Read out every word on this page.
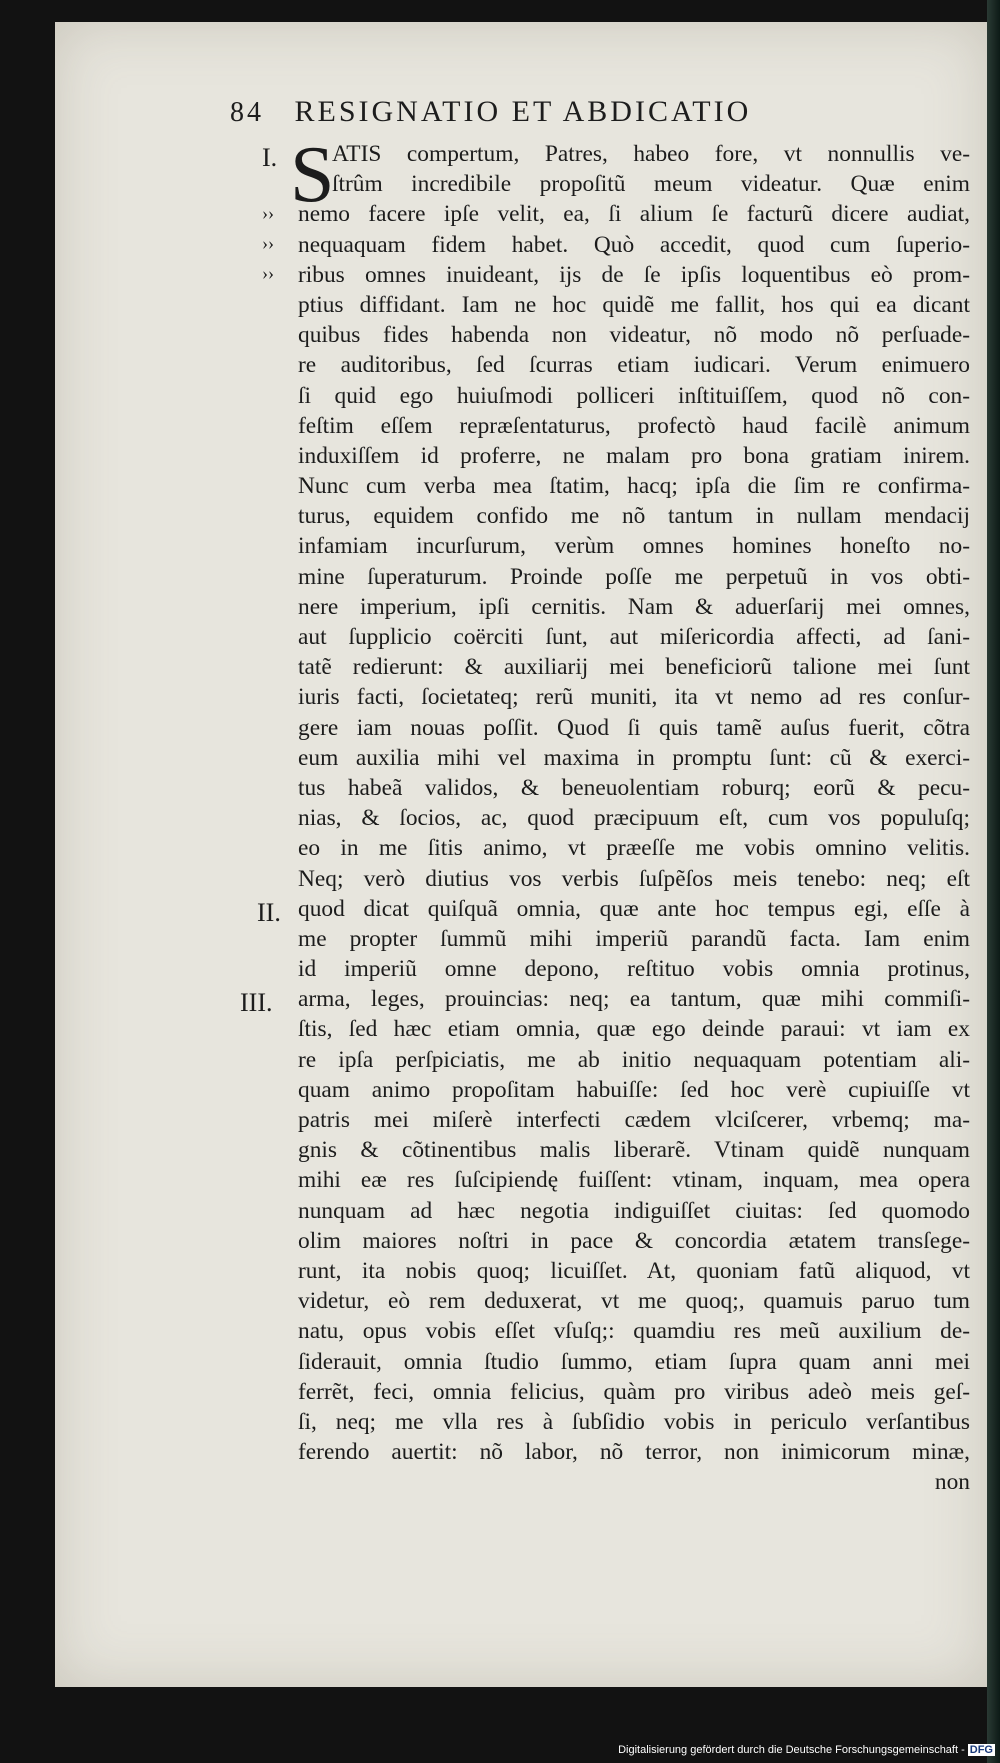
84 RESIGNATIO ET ABDICATIO
S
I.
››
››
››
II.
III.
ATIS compertum, Patres, habeo fore, vt nonnullis ve-
ſtrûm incredibile propoſitũ meum videatur. Quæ enim
nemo facere ipſe velit, ea, ſi alium ſe facturũ dicere audiat,
nequaquam fidem habet. Quò accedit, quod cum ſuperio-
ribus omnes inuideant, ijs de ſe ipſis loquentibus eò prom-
ptius diffidant. Iam ne hoc quidẽ me fallit, hos qui ea dicant
quibus fides habenda non videatur, nõ modo nõ perſuade-
re auditoribus, ſed ſcurras etiam iudicari. Verum enimuero
ſi quid ego huiuſmodi polliceri inſtituiſſem, quod nõ con-
feſtim eſſem repræſentaturus, profectò haud facilè animum
induxiſſem id proferre, ne malam pro bona gratiam inirem.
Nunc cum verba mea ſtatim, hacq; ipſa die ſim re confirma-
turus, equidem confido me nõ tantum in nullam mendacij
infamiam incurſurum, verùm omnes homines honeſto no-
mine ſuperaturum. Proinde poſſe me perpetuũ in vos obti-
nere imperium, ipſi cernitis. Nam & aduerſarij mei omnes,
aut ſupplicio coërciti ſunt, aut miſericordia affecti, ad ſani-
tatẽ redierunt: & auxiliarij mei beneficiorũ talione mei ſunt
iuris facti, ſocietateq; rerũ muniti, ita vt nemo ad res conſur-
gere iam nouas poſſit. Quod ſi quis tamẽ auſus fuerit, cõtra
eum auxilia mihi vel maxima in promptu ſunt: cũ & exerci-
tus habeã validos, & beneuolentiam roburq; eorũ & pecu-
nias, & ſocios, ac, quod præcipuum eſt, cum vos populuſq;
eo in me ſitis animo, vt præeſſe me vobis omnino velitis.
Neq; verò diutius vos verbis ſuſpẽſos meis tenebo: neq; eſt
quod dicat quiſquã omnia, quæ ante hoc tempus egi, eſſe à
me propter ſummũ mihi imperiũ parandũ facta. Iam enim
id imperiũ omne depono, reſtituo vobis omnia protinus,
arma, leges, prouincias: neq; ea tantum, quæ mihi commiſi-
ſtis, ſed hæc etiam omnia, quæ ego deinde paraui: vt iam ex
re ipſa perſpiciatis, me ab initio nequaquam potentiam ali-
quam animo propoſitam habuiſſe: ſed hoc verè cupiuiſſe vt
patris mei miſerè interfecti cædem vlciſcerer, vrbemq; ma-
gnis & cõtinentibus malis liberarẽ. Vtinam quidẽ nunquam
mihi eæ res ſuſcipiendę fuiſſent: vtinam, inquam, mea opera
nunquam ad hæc negotia indiguiſſet ciuitas: ſed quomodo
olim maiores noſtri in pace & concordia ætatem transſege-
runt, ita nobis quoq; licuiſſet. At, quoniam fatũ aliquod, vt
videtur, eò rem deduxerat, vt me quoq;, quamuis paruo tum
natu, opus vobis eſſet vſuſq;: quamdiu res meũ auxilium de-
ſiderauit, omnia ſtudio ſummo, etiam ſupra quam anni mei
ferrẽt, feci, omnia felicius, quàm pro viribus adeò meis geſ-
ſi, neq; me vlla res à ſubſidio vobis in periculo verſantibus
ferendo auertit: nõ labor, nõ terror, non inimicorum minæ,
non
Digitalisierung gefördert durch die Deutsche Forschungsgemeinschaft - DFG
